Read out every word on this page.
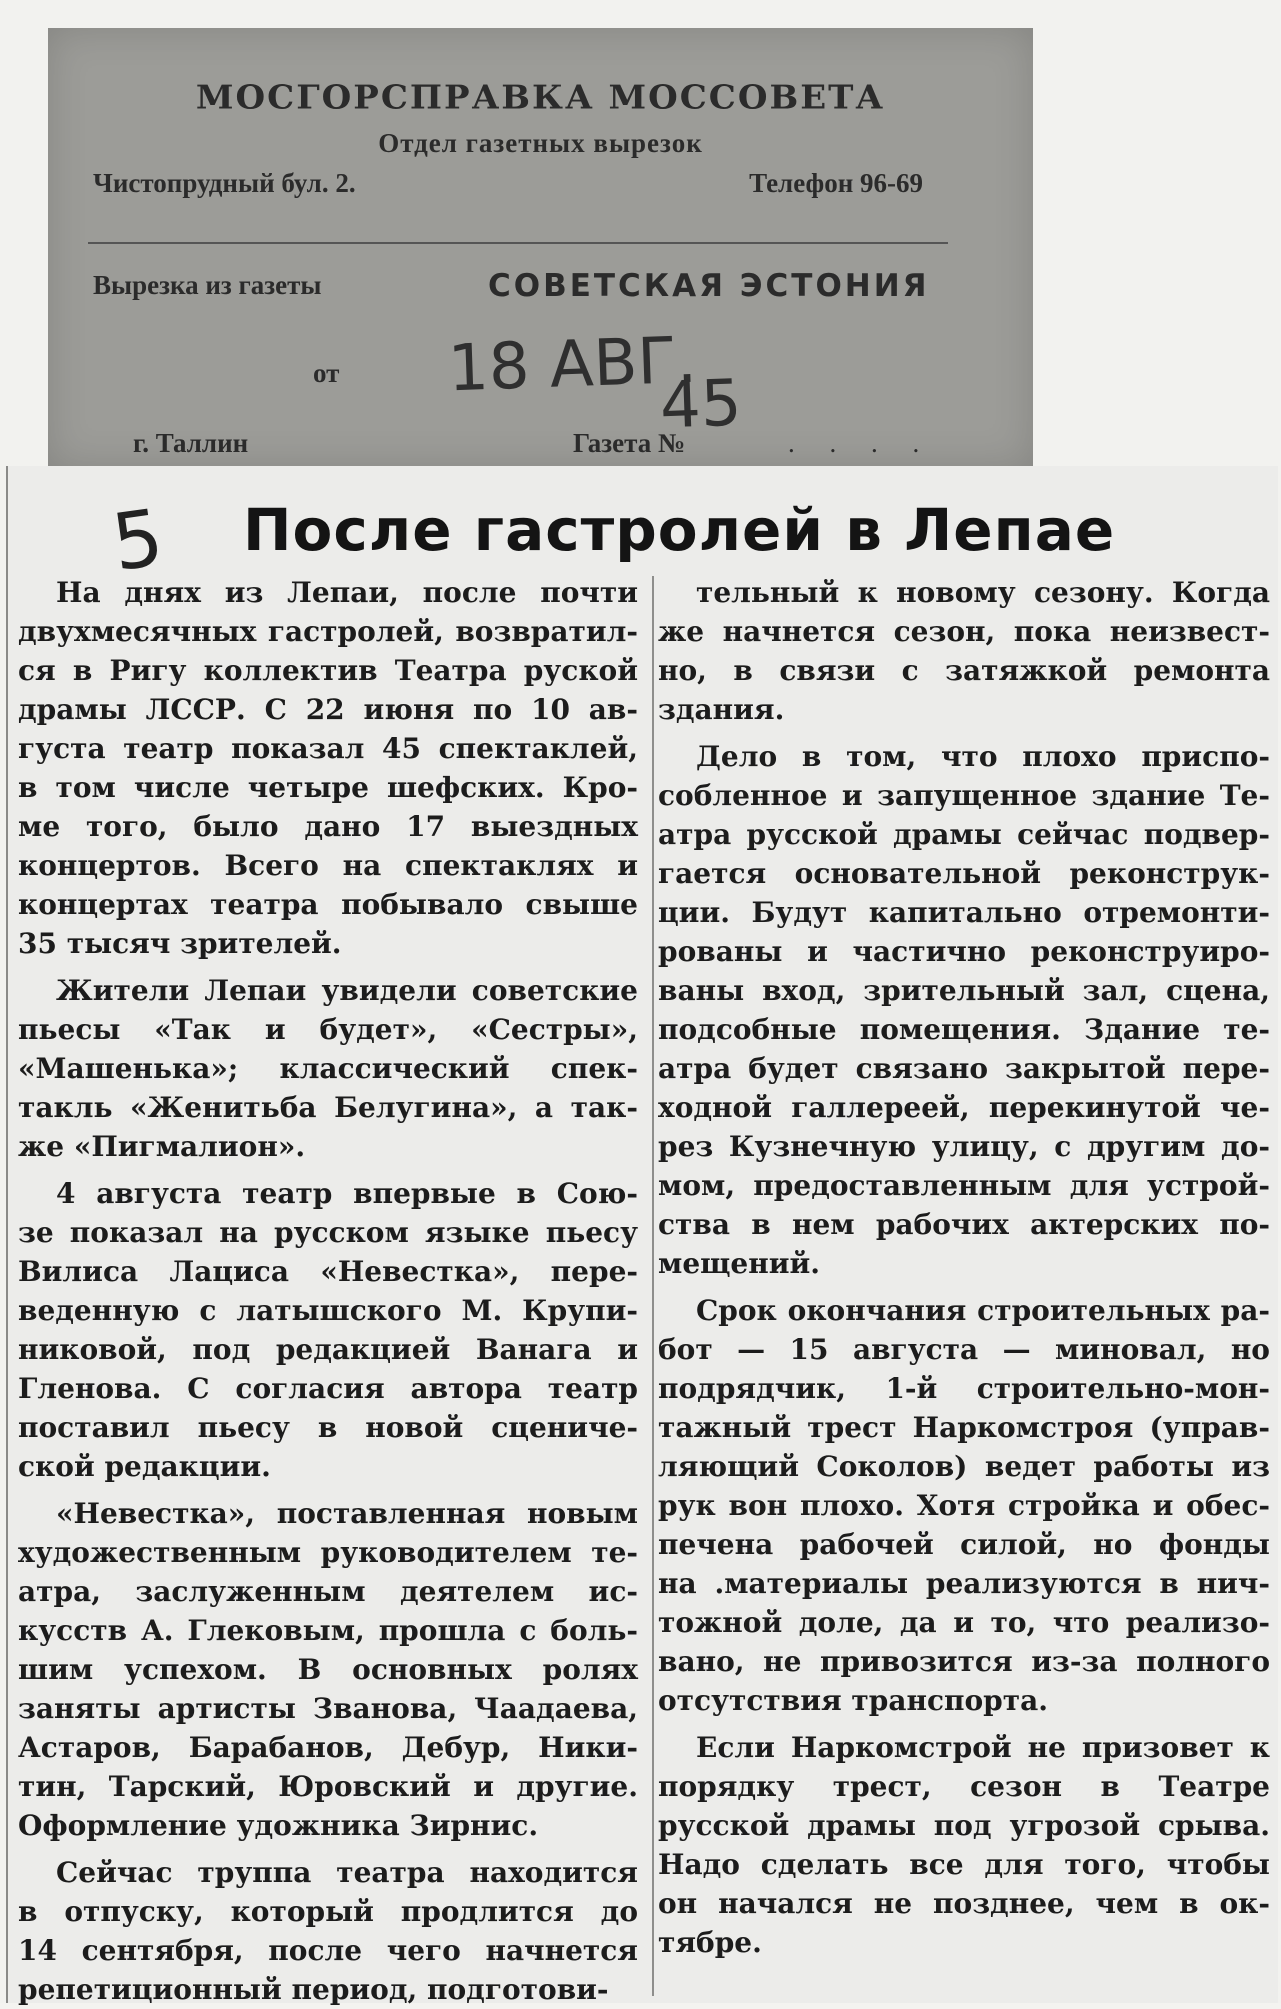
МОСГОРСПРАВКА МОССОВЕТА
Отдел газетных вырезок
Чистопрудный бул. 2.	Телефон 96-69
Вырезка из газеты	СОВЕТСКАЯ ЭСТОНИЯ
от 18 АВГ.
45
г. Таллин	Газета №	. . . .
5 После гастролей в Лепае
На днях из Лепаи, после почти
двухмесячных гастролей, возвратил-
ся в Ригу коллектив Театра руской
драмы ЛССР. С 22 июня по 10 ав-
густа театр показал 45 спектаклей,
в том числе четыре шефских. Кро-
ме того, было дано 17 выездных
концертов. Всего на спектаклях и
концертах театра побывало свыше
35 тысяч зрителей.
Жители Лепаи увидели советские
пьесы «Так и будет», «Сестры»,
«Машенька»; классический спек-
такль «Женитьба Белугина», а так-
же «Пигмалион».
4 августа театр впервые в Сою-
зе показал на русском языке пьесу
Вилиса Лациса «Невестка», пере-
веденную с латышского М. Крупи-
никовой, под редакцией Ванага и
Гленова. С согласия автора театр
поставил пьесу в новой сцениче-
ской редакции.
«Невестка», поставленная новым
художественным руководителем те-
атра, заслуженным деятелем ис-
кусств А. Глековым, прошла с боль-
шим успехом. В основных ролях
заняты артисты Званова, Чаадаева,
Астаров, Барабанов, Дебур, Ники-
тин, Тарский, Юровский и другие.
Оформление удожника Зирнис.
Сейчас труппа театра находится
в отпуску, который продлится до
14 сентября, после чего начнется
репетиционный период, подготови-
тельный к новому сезону. Когда
же начнется сезон, пока неизвест-
но, в связи с затяжкой ремонта
здания.
Дело в том, что плохо приспо-
собленное и запущенное здание Те-
атра русской драмы сейчас подвер-
гается основательной реконструк-
ции. Будут капитально отремонти-
рованы и частично реконструиро-
ваны вход, зрительный зал, сцена,
подсобные помещения. Здание те-
атра будет связано закрытой пере-
ходной галлереей, перекинутой че-
рез Кузнечную улицу, с другим до-
мом, предоставленным для устрой-
ства в нем рабочих актерских по-
мещений.
Срок окончания строительных ра-
бот — 15 августа — миновал, но
подрядчик, 1-й строительно-мон-
тажный трест Наркомстроя (управ-
ляющий Соколов) ведет работы из
рук вон плохо. Хотя стройка и обес-
печена рабочей силой, но фонды
на .материалы реализуются в нич-
тожной доле, да и то, что реализо-
вано, не привозится из-за полного
отсутствия транспорта.
Если Наркомстрой не призовет к
порядку трест, сезон в Театре
русской драмы под угрозой срыва.
Надо сделать все для того, чтобы
он начался не позднее, чем в ок-
тябре.
